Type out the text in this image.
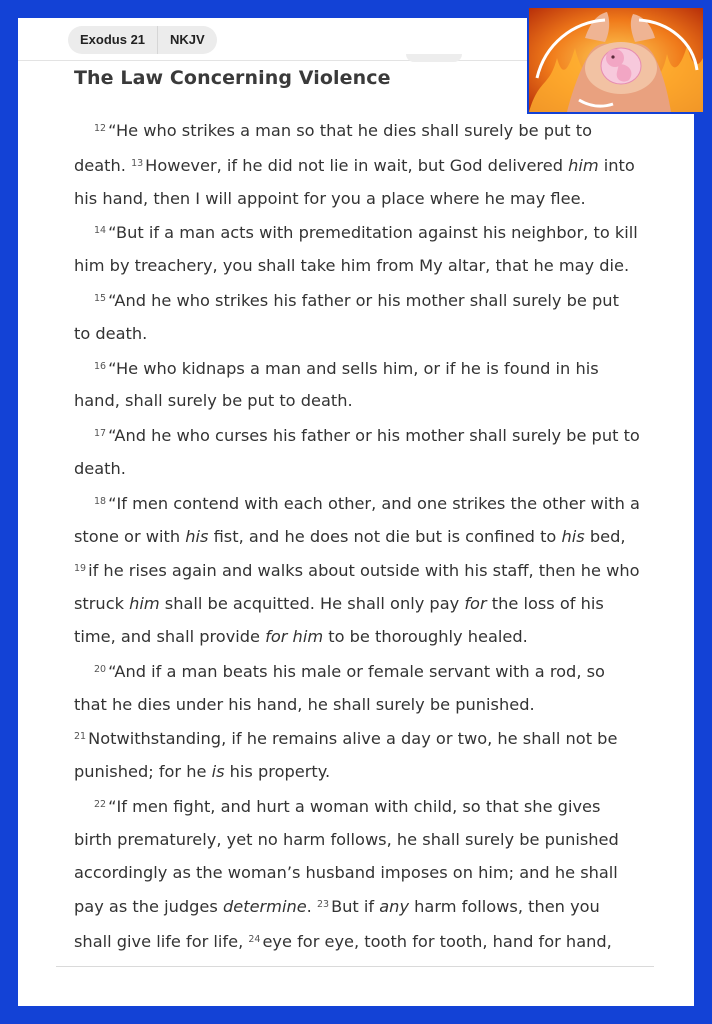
Exodus 21	NKJV
The Law Concerning Violence

$^{12}$ “He who strikes a man so that he dies shall surely be put to death. $^{13}$ However, if he did not lie in wait, but God delivered him into his hand, then I will appoint for you a place where he may flee.

$^{14}$ “But if a man acts with premeditation against his neighbor, to kill him by treachery, you shall take him from My altar, that he may die.

$^{15}$ “And he who strikes his father or his mother shall surely be put to death.

$^{16}$ “He who kidnaps a man and sells him, or if he is found in his hand, shall surely be put to death.

$^{17}$ “And he who curses his father or his mother shall surely be put to death.

$^{18}$ “If men contend with each other, and one strikes the other with a stone or with his fist, and he does not die but is confined to his bed, $^{19}$ if he rises again and walks about outside with his staff, then he who struck him shall be acquitted. He shall only pay for the loss of his time, and shall provide for him to be thoroughly healed.

$^{20}$ “And if a man beats his male or female servant with a rod, so that he dies under his hand, he shall surely be punished.

$^{21}$ Notwithstanding, if he remains alive a day or two, he shall not be punished; for he is his property.

$^{22}$ “If men fight, and hurt a woman with child, so that she gives birth prematurely, yet no harm follows, he shall surely be punished accordingly as the woman’s husband imposes on him; and he shall pay as the judges determine. $^{23}$ But if any harm follows, then you shall give life for life, $^{24}$ eye for eye, tooth for tooth, hand for hand,
